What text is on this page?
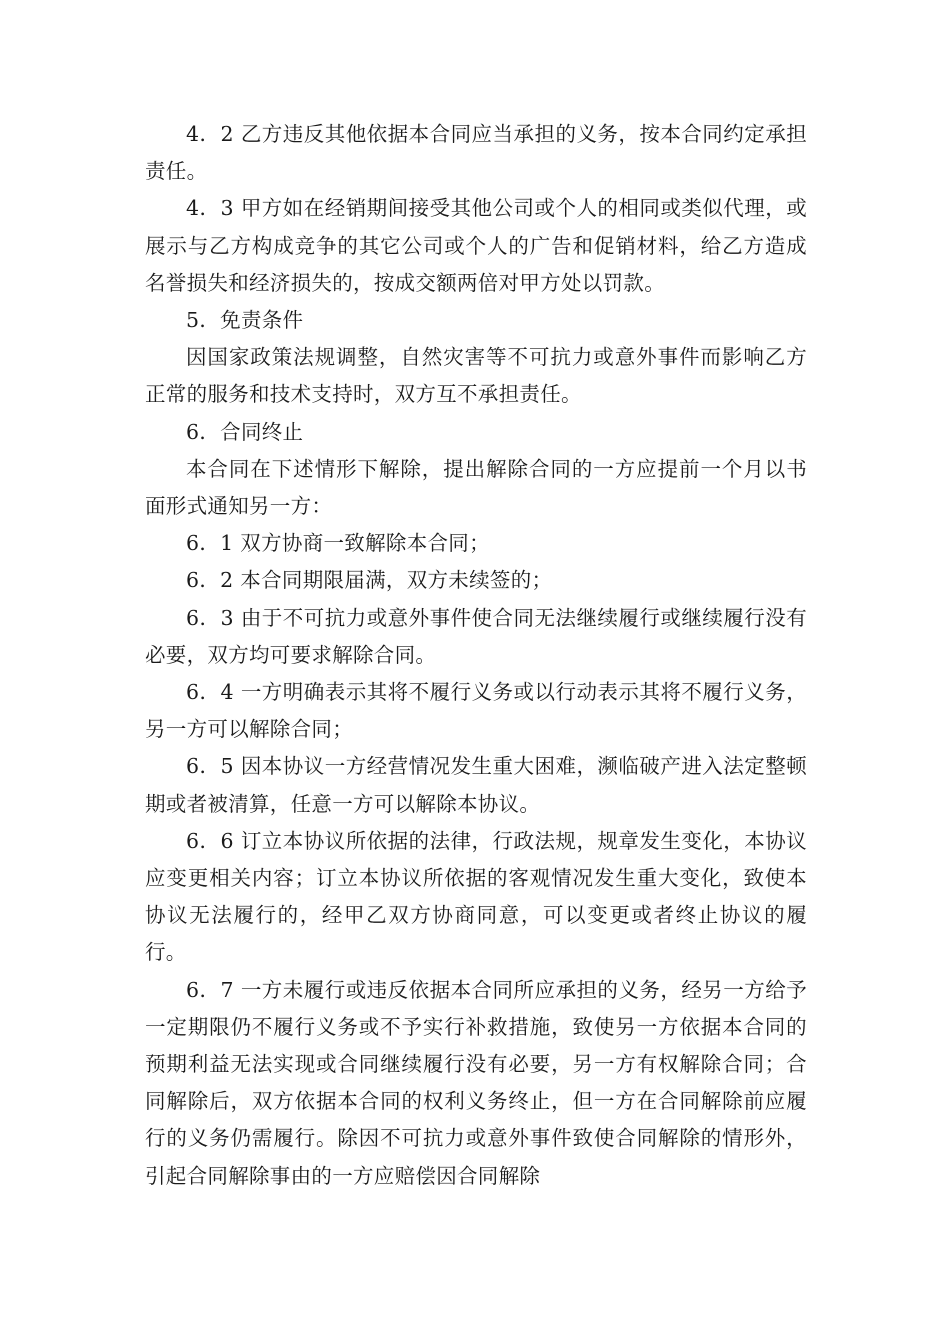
4．2 乙方违反其他依据本合同应当承担的义务，按本合同约定承担责任。

4．3 甲方如在经销期间接受其他公司或个人的相同或类似代理，或展示与乙方构成竞争的其它公司或个人的广告和促销材料，给乙方造成名誉损失和经济损失的，按成交额两倍对甲方处以罚款。

5．免责条件

因国家政策法规调整，自然灾害等不可抗力或意外事件而影响乙方正常的服务和技术支持时，双方互不承担责任。

6．合同终止

本合同在下述情形下解除，提出解除合同的一方应提前一个月以书面形式通知另一方：

6．1 双方协商一致解除本合同；

6．2 本合同期限届满，双方未续签的；

6．3 由于不可抗力或意外事件使合同无法继续履行或继续履行没有必要，双方均可要求解除合同。

6．4 一方明确表示其将不履行义务或以行动表示其将不履行义务，另一方可以解除合同；

6．5 因本协议一方经营情况发生重大困难，濒临破产进入法定整顿期或者被清算，任意一方可以解除本协议。

6．6 订立本协议所依据的法律，行政法规，规章发生变化，本协议应变更相关内容；订立本协议所依据的客观情况发生重大变化，致使本协议无法履行的，经甲乙双方协商同意，可以变更或者终止协议的履行。

6．7 一方未履行或违反依据本合同所应承担的义务，经另一方给予一定期限仍不履行义务或不予实行补救措施，致使另一方依据本合同的预期利益无法实现或合同继续履行没有必要，另一方有权解除合同；合同解除后，双方依据本合同的权利义务终止，但一方在合同解除前应履行的义务仍需履行。除因不可抗力或意外事件致使合同解除的情形外，引起合同解除事由的一方应赔偿因合同解除
